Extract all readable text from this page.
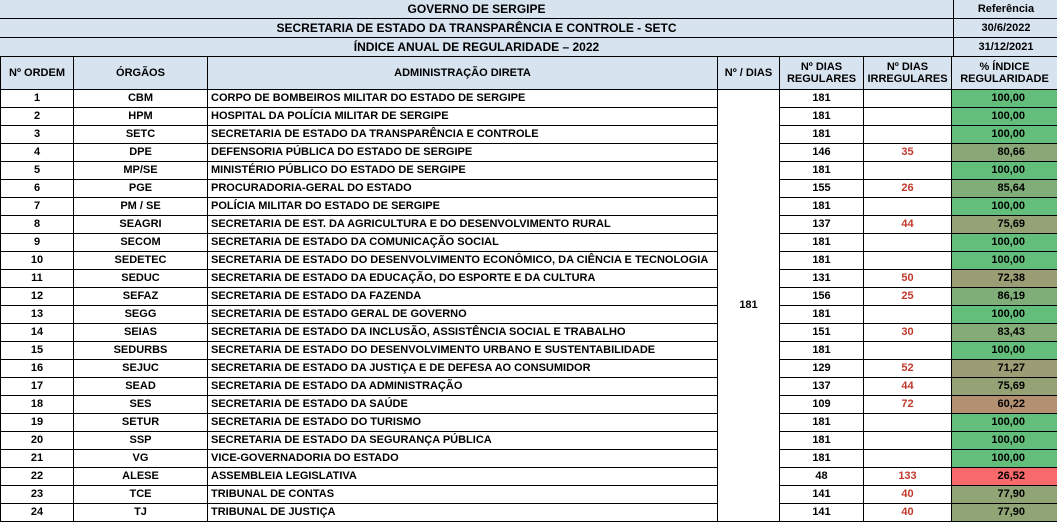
GOVERNO DE SERGIPE
SECRETARIA DE ESTADO DA TRANSPARÊNCIA E CONTROLE - SETC
ÍNDICE ANUAL DE REGULARIDADE – 2022
Referência
30/6/2022
31/12/2021
Nº ORDEM	ÓRGÃOS	ADMINISTRAÇÃO DIRETA	Nº / DIAS	Nº DIAS REGULARES	Nº DIAS IRREGULARES	% ÍNDICE REGULARIDADE
1	CBM	CORPO DE BOMBEIROS MILITAR DO ESTADO DE SERGIPE	181	181		100,00
2	HPM	HOSPITAL DA POLÍCIA MILITAR DE SERGIPE		181		100,00
3	SETC	SECRETARIA DE ESTADO DA TRANSPARÊNCIA E CONTROLE		181		100,00
4	DPE	DEFENSORIA PÚBLICA DO ESTADO DE SERGIPE		146	35	80,66
5	MP/SE	MINISTÉRIO PÚBLICO DO ESTADO DE SERGIPE		181		100,00
6	PGE	PROCURADORIA-GERAL DO ESTADO		155	26	85,64
7	PM / SE	POLÍCIA MILITAR DO ESTADO DE SERGIPE		181		100,00
8	SEAGRI	SECRETARIA DE EST. DA AGRICULTURA E DO DESENVOLVIMENTO RURAL		137	44	75,69
9	SECOM	SECRETARIA DE ESTADO DA COMUNICAÇÃO SOCIAL		181		100,00
10	SEDETEC	SECRETARIA DE ESTADO DO DESENVOLVIMENTO ECONÔMICO, DA CIÊNCIA E TECNOLOGIA		181		100,00
11	SEDUC	SECRETARIA DE ESTADO DA EDUCAÇÃO, DO ESPORTE E DA CULTURA		131	50	72,38
12	SEFAZ	SECRETARIA DE ESTADO DA FAZENDA		156	25	86,19
13	SEGG	SECRETARIA DE ESTADO GERAL DE GOVERNO		181		100,00
14	SEIAS	SECRETARIA DE ESTADO DA INCLUSÃO, ASSISTÊNCIA SOCIAL E TRABALHO		151	30	83,43
15	SEDURBS	SECRETARIA DE ESTADO DO DESENVOLVIMENTO URBANO E SUSTENTABILIDADE		181		100,00
16	SEJUC	SECRETARIA DE ESTADO DA JUSTIÇA E DE DEFESA AO CONSUMIDOR		129	52	71,27
17	SEAD	SECRETARIA DE ESTADO DA ADMINISTRAÇÃO		137	44	75,69
18	SES	SECRETARIA DE ESTADO DA SAÚDE		109	72	60,22
19	SETUR	SECRETARIA DE ESTADO DO TURISMO		181		100,00
20	SSP	SECRETARIA DE ESTADO DA SEGURANÇA PÚBLICA		181		100,00
21	VG	VICE-GOVERNADORIA DO ESTADO		181		100,00
22	ALESE	ASSEMBLEIA LEGISLATIVA		48	133	26,52
23	TCE	TRIBUNAL DE CONTAS		141	40	77,90
24	TJ	TRIBUNAL DE JUSTIÇA		141	40	77,90
